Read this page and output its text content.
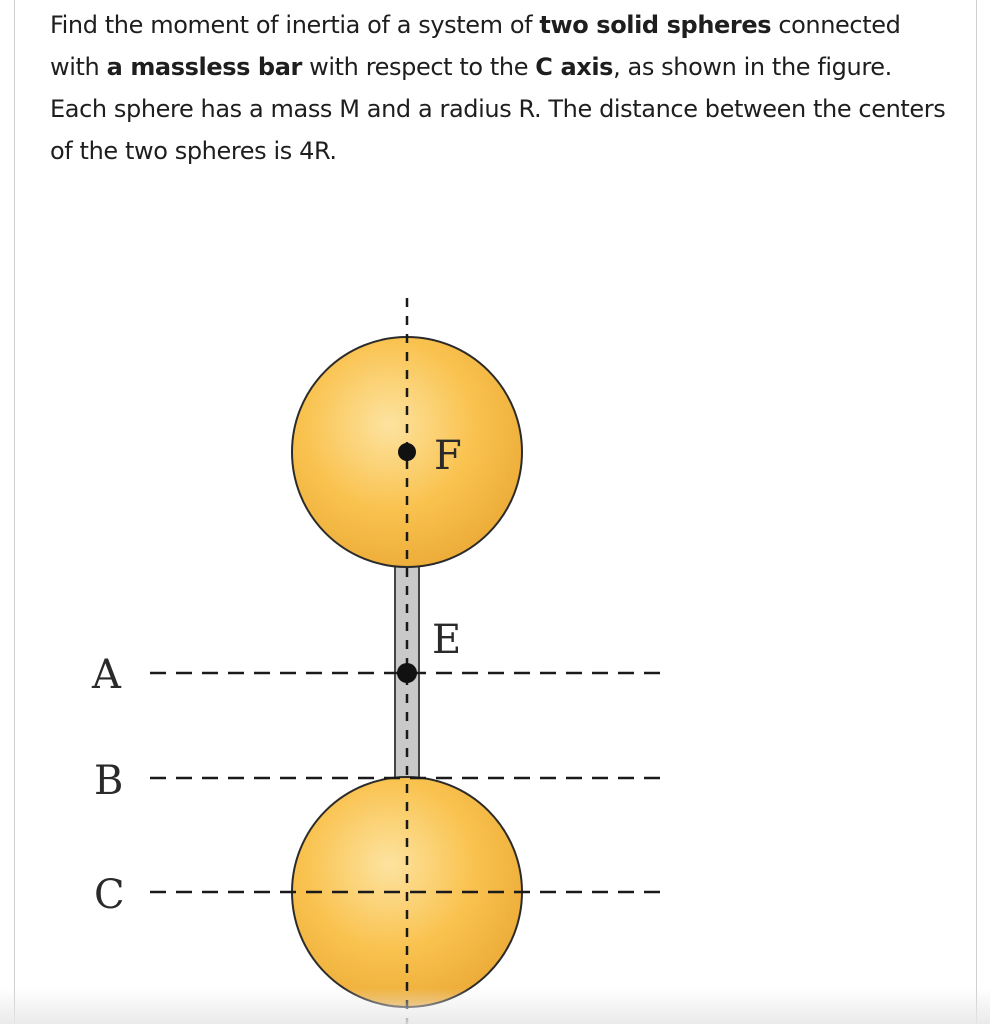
Find the moment of inertia of a system of two solid spheres connected with a massless bar with respect to the C axis, as shown in the figure. Each sphere has a mass M and a radius R. The distance between the centers of the two spheres is 4R.

F
E
A
B
C
